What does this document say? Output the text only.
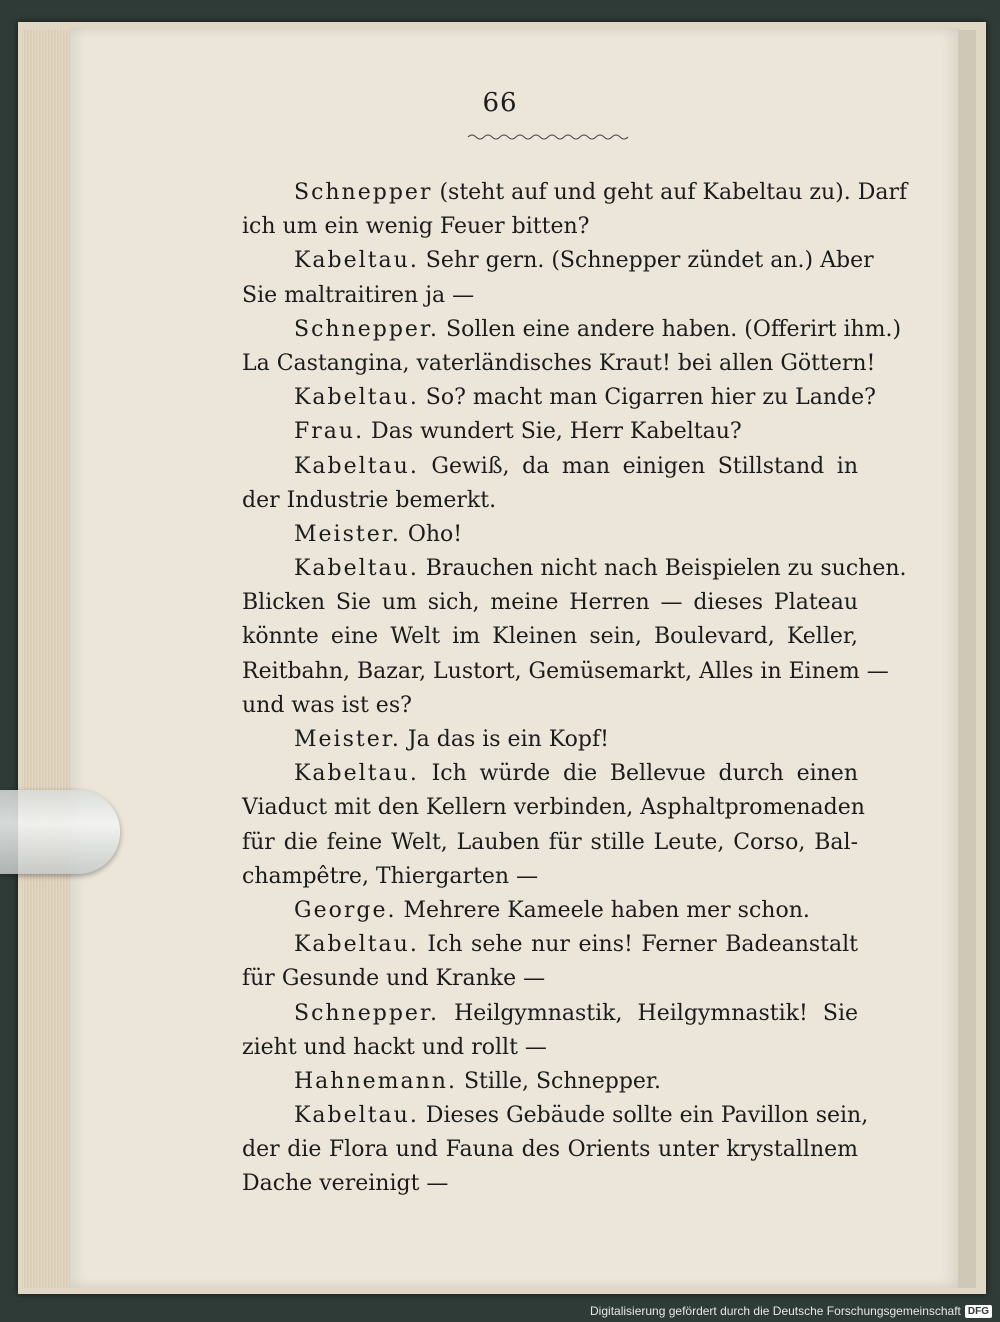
66
Schnepper (steht auf und geht auf Kabeltau zu). Darf
ich um ein wenig Feuer bitten?
Kabeltau. Sehr gern. (Schnepper zündet an.) Aber
Sie maltraitiren ja —
Schnepper. Sollen eine andere haben. (Offerirt ihm.)
La Castangina, vaterländisches Kraut! bei allen Göttern!
Kabeltau. So? macht man Cigarren hier zu Lande?
Frau. Das wundert Sie, Herr Kabeltau?
Kabeltau. Gewiß, da man einigen Stillstand in
der Industrie bemerkt.
Meister. Oho!
Kabeltau. Brauchen nicht nach Beispielen zu suchen.
Blicken Sie um sich, meine Herren — dieses Plateau
könnte eine Welt im Kleinen sein, Boulevard, Keller,
Reitbahn, Bazar, Lustort, Gemüsemarkt, Alles in Einem —
und was ist es?
Meister. Ja das is ein Kopf!
Kabeltau. Ich würde die Bellevue durch einen
Viaduct mit den Kellern verbinden, Asphaltpromenaden
für die feine Welt, Lauben für stille Leute, Corso, Bal-
champêtre, Thiergarten —
George. Mehrere Kameele haben mer schon.
Kabeltau. Ich sehe nur eins! Ferner Badeanstalt
für Gesunde und Kranke —
Schnepper. Heilgymnastik, Heilgymnastik! Sie
zieht und hackt und rollt —
Hahnemann. Stille, Schnepper.
Kabeltau. Dieses Gebäude sollte ein Pavillon sein,
der die Flora und Fauna des Orients unter krystallnem
Dache vereinigt —
Digitalisierung gefördert durch die Deutsche Forschungsgemeinschaft DFG
